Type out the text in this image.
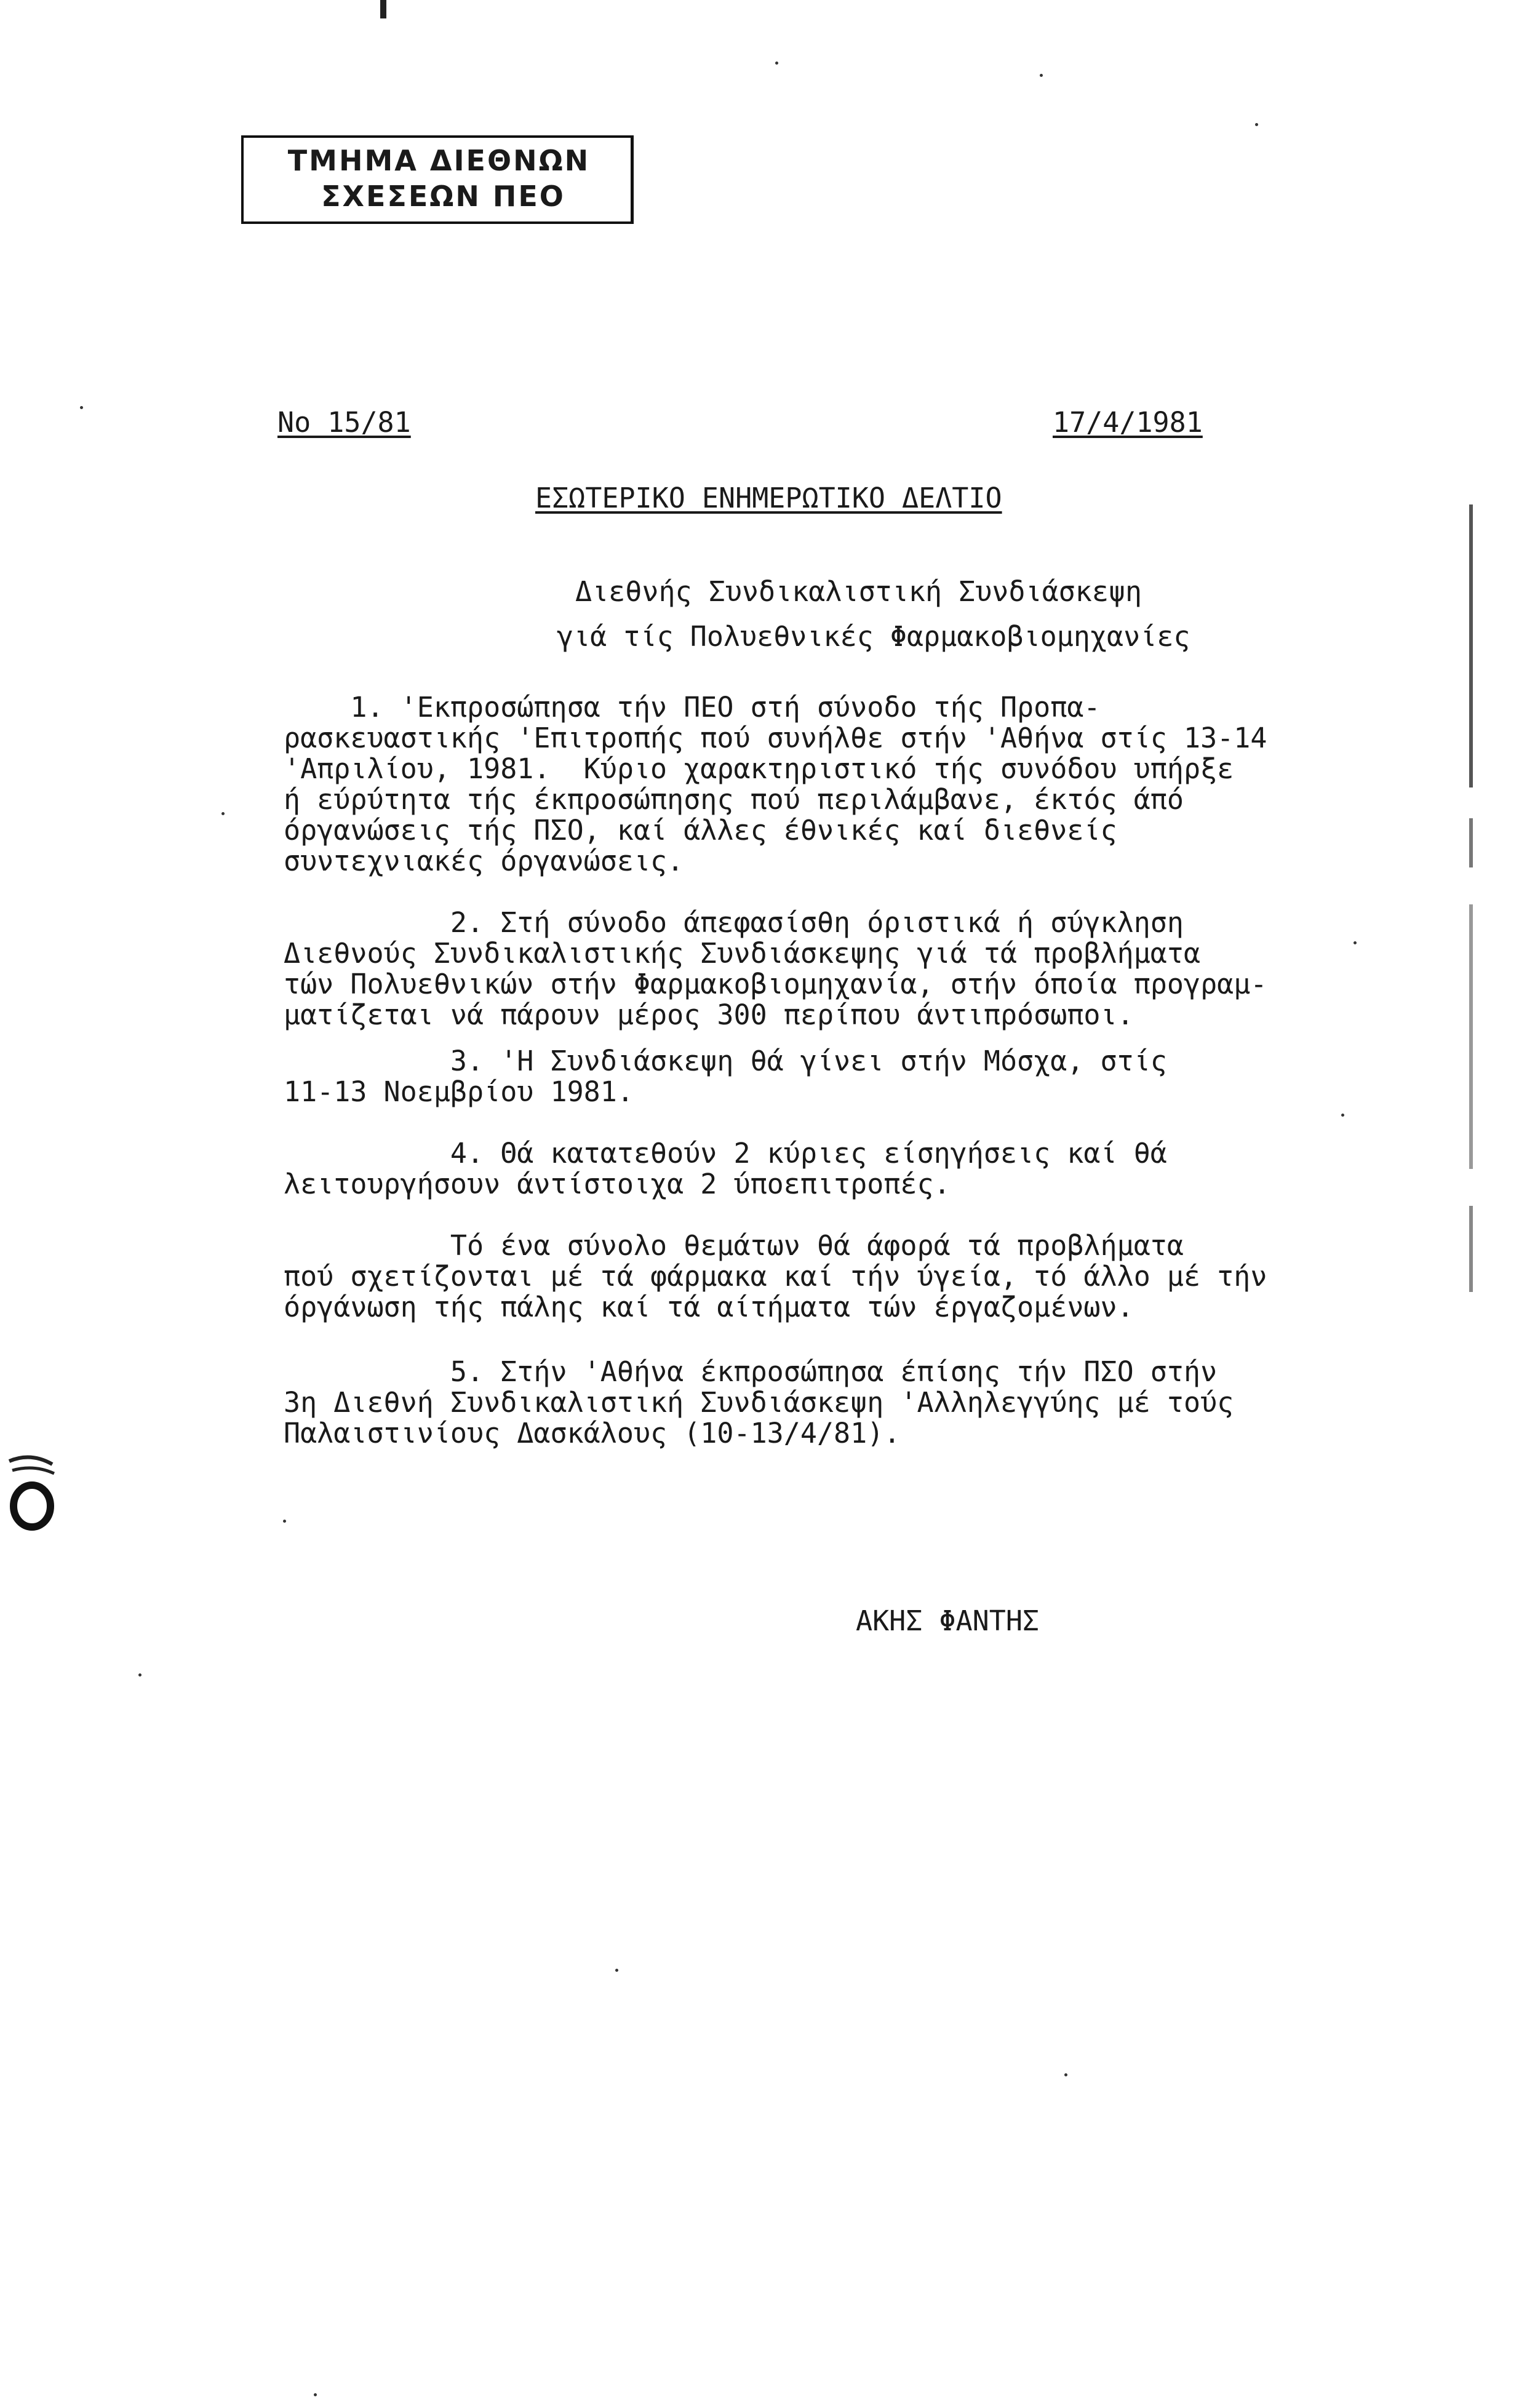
ΤΜΗΜΑ ΔΙΕΘΝΩΝ
ΣΧΕΣΕΩΝ ΠΕΟ
No 15/81	17/4/1981
ΕΣΩΤΕΡΙΚΟ ΕΝΗΜΕΡΩΤΙΚΟ ΔΕΛΤΙΟ
Διεθνής Συνδικαλιστική Συνδιάσκεψη
γιά τίς Πολυεθνικές Φαρμακοβιομηχανίες
1. 'Εκπροσώπησα τήν ΠΕΟ στή σύνοδο τής Προπα-
ρασκευαστικής 'Επιτροπής πού συνήλθε στήν 'Αθήνα στίς 13-14
'Απριλίου, 1981.  Κύριο χαρακτηριστικό τής συνόδου υπήρξε
ή εύρύτητα τής έκπροσώπησης πού περιλάμβανε, έκτός άπό
όργανώσεις τής ΠΣΟ, καί άλλες έθνικές καί διεθνείς
συντεχνιακές όργανώσεις.
2. Στή σύνοδο άπεφασίσθη όριστικά ή σύγκληση
Διεθνούς Συνδικαλιστικής Συνδιάσκεψης γιά τά προβλήματα
τών Πολυεθνικών στήν Φαρμακοβιομηχανία, στήν όποία προγραμ-
ματίζεται νά πάρουν μέρος 300 περίπου άντιπρόσωποι.
3. 'Η Συνδιάσκεψη θά γίνει στήν Μόσχα, στίς
11-13 Νοεμβρίου 1981.
4. Θά κατατεθούν 2 κύριες είσηγήσεις καί θά
λειτουργήσουν άντίστοιχα 2 ύποεπιτροπές.
Τό ένα σύνολο θεμάτων θά άφορά τά προβλήματα
πού σχετίζονται μέ τά φάρμακα καί τήν ύγεία, τό άλλο μέ τήν
όργάνωση τής πάλης καί τά αίτήματα τών έργαζομένων.
5. Στήν 'Αθήνα έκπροσώπησα έπίσης τήν ΠΣΟ στήν
3η Διεθνή Συνδικαλιστική Συνδιάσκεψη 'Αλληλεγγύης μέ τούς
Παλαιστινίους Δασκάλους (10-13/4/81).
ΑΚΗΣ ΦΑΝΤΗΣ
